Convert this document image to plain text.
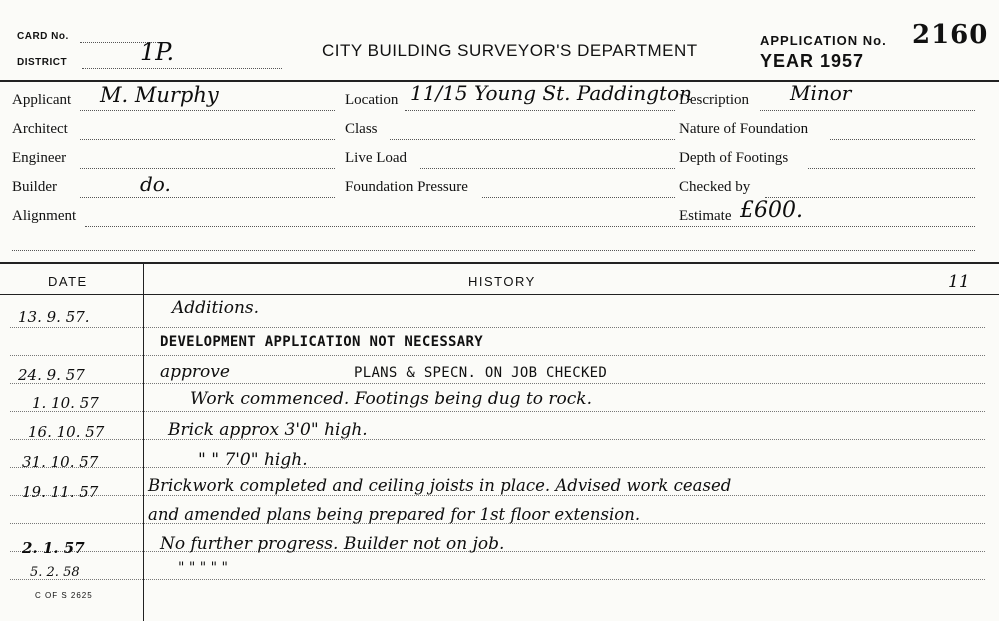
CARD No.
DISTRICT	1P.	CITY BUILDING SURVEYOR'S DEPARTMENT
APPLICATION No. 2160
YEAR 1957
Applicant M. Murphy
Architect
Engineer
Builder	do.
Alignment
Location 11/15 Young St. Paddington
Class
Live Load
Foundation Pressure
Description Minor
Nature of Foundation
Depth of Footings
Checked by
Estimate £600.
DATE	HISTORY	11
13. 9. 57.	Additions.
DEVELOPMENT APPLICATION NOT NECESSARY
24. 9. 57	approve	PLANS & SPECN. ON JOB CHECKED
1. 10. 57	Work commenced. Footings being dug to rock.
16. 10. 57	Brick approx 3'0" high.
31. 10. 57	" " 7'0" high.
19. 11. 57	Brickwork completed and ceiling joists in place. Advised work ceased
and amended plans being prepared for 1st floor extension.
2. 1. 57	No further progress. Builder not on job.
5. 2. 58	" " " " "
C OF S 2625
